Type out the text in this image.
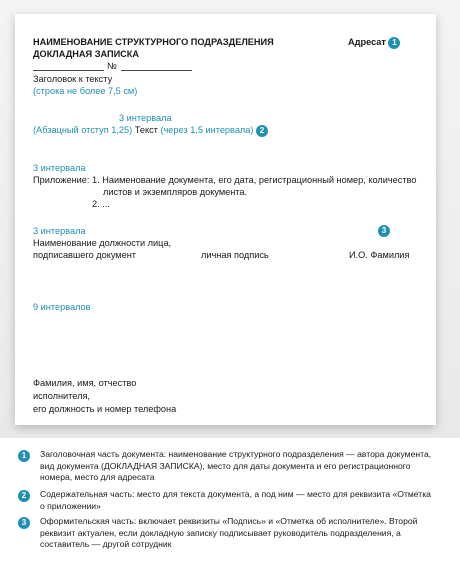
НАИМЕНОВАНИЕ СТРУКТУРНОГО ПОДРАЗДЕЛЕНИЯ
ДОКЛАДНАЯ ЗАПИСКА
Адресат 1
№
Заголовок к тексту
(строка не более 7,5 см)
3 интервала
(Абзацный отступ 1,25) Текст (через 1,5 интервала) 2
3 интервала
Приложение: 1. Наименование документа, его дата, регистрационный номер, количество
листов и экземпляров документа.
2. ...
3 интервала	3
Наименование должности лица,
подписавшего документ	личная подпись	И.О. Фамилия
9 интервалов
Фамилия, имя, отчество
исполнителя,
его должность и номер телефона
1	Заголовочная часть документа: наименование структурного подразделения — автора документа, вид документа (ДОКЛАДНАЯ ЗАПИСКА), место для даты документа и его регистрационного номера, место для адресата
2	Содержательная часть: место для текста документа, а под ним — место для реквизита «Отметка о приложении»
3	Оформительская часть: включает реквизиты «Подпись» и «Отметка об исполнителе». Второй реквизит актуален, если докладную записку подписывает руководитель подразделения, а составитель — другой сотрудник
